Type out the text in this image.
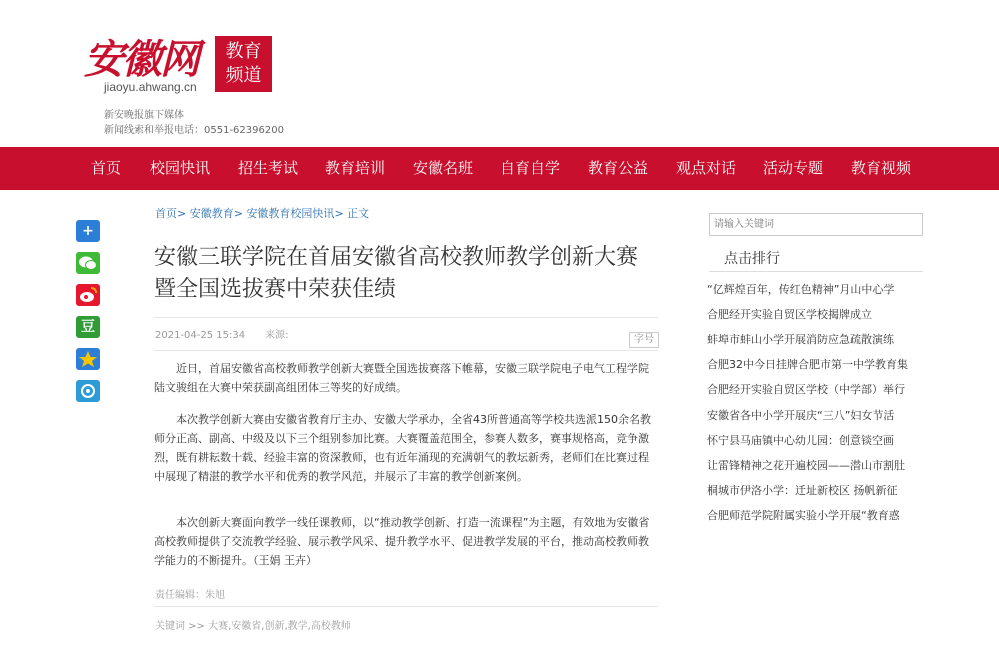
安徽网	教育
频道
jiaoyu.ahwang.cn
新安晚报旗下媒体
新闻线索和举报电话：0551-62396200
首页 校园快讯 招生考试 教育培训 安徽名班 自育自学 教育公益 观点对话 活动专题 教育视频
+
豆
首页> 安徽教育> 安徽教育校园快讯> 正文
安徽三联学院在首届安徽省高校教师教学创新大赛暨全国选拔赛中荣获佳绩
2021-04-25 15:34 来源:	字号
近日，首届安徽省高校教师教学创新大赛暨全国选拔赛落下帷幕，安徽三联学院电子电气工程学院陆文骏组在大赛中荣获副高组团体三等奖的好成绩。
本次教学创新大赛由安徽省教育厅主办、安徽大学承办，全省43所普通高等学校共选派150余名教师分正高、副高、中级及以下三个组别参加比赛。大赛覆盖范围全，参赛人数多，赛事规格高，竞争激烈，既有耕耘数十载、经验丰富的资深教师，也有近年涌现的充满朝气的教坛新秀，老师们在比赛过程中展现了精湛的教学水平和优秀的教学风范，并展示了丰富的教学创新案例。
本次创新大赛面向教学一线任课教师，以“推动教学创新、打造一流课程”为主题，有效地为安徽省高校教师提供了交流教学经验、展示教学风采、提升教学水平、促进教学发展的平台，推动高校教师教学能力的不断提升。（王娟 王卉）
责任编辑：朱旭
关键词 >> 大赛,安徽省,创新,教学,高校教师
请输入关键词
点击排行
“亿辉煌百年，传红色精神”月山中心学
合肥经开实验自贸区学校揭牌成立
蚌埠市蚌山小学开展消防应急疏散演练
合肥32中今日挂牌合肥市第一中学教育集
合肥经开实验自贸区学校（中学部）举行
安徽省各中小学开展庆“三八”妇女节活
怀宁县马庙镇中心幼儿园：创意锬空画
让雷锋精神之花开遍校园——潜山市割肚
桐城市伊洛小学：迁址新校区 扬帆新征
合肥师范学院附属实验小学开展“教育惑
